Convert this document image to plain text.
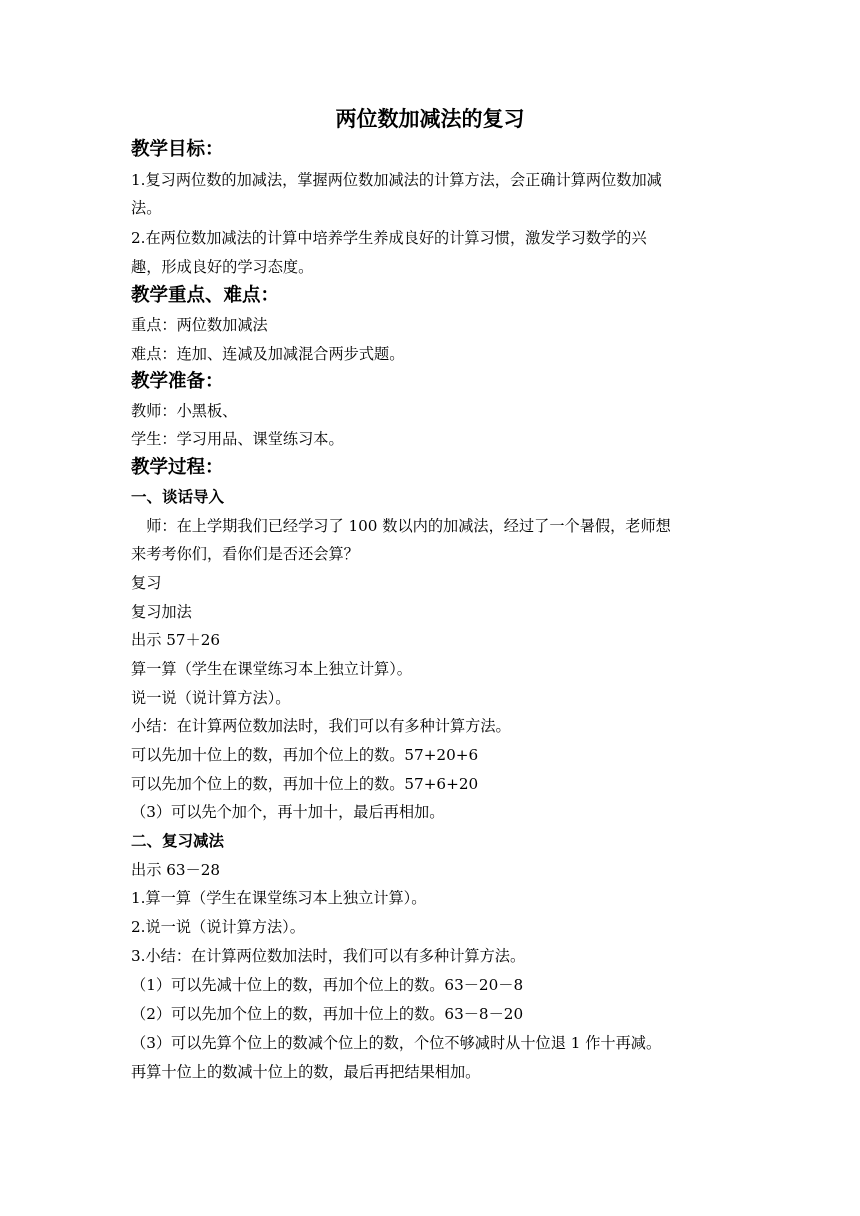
两位数加减法的复习
教学目标：
1.复习两位数的加减法，掌握两位数加减法的计算方法，会正确计算两位数加减
法。
2.在两位数加减法的计算中培养学生养成良好的计算习惯，激发学习数学的兴
趣，形成良好的学习态度。
教学重点、难点：
重点：两位数加减法
难点：连加、连减及加减混合两步式题。
教学准备：
教师：小黑板、
学生：学习用品、课堂练习本。
教学过程：
一、谈话导入
　师：在上学期我们已经学习了 100 数以内的加减法，经过了一个暑假，老师想
来考考你们，看你们是否还会算？
复习
复习加法
出示 57＋26
算一算（学生在课堂练习本上独立计算）。
说一说（说计算方法）。
小结：在计算两位数加法时，我们可以有多种计算方法。
可以先加十位上的数，再加个位上的数。57+20+6
可以先加个位上的数，再加十位上的数。57+6+20
（3）可以先个加个，再十加十，最后再相加。
二、复习减法
出示 63－28
1.算一算（学生在课堂练习本上独立计算）。
2.说一说（说计算方法）。
3.小结：在计算两位数加法时，我们可以有多种计算方法。
（1）可以先减十位上的数，再加个位上的数。63－20－8
（2）可以先加个位上的数，再加十位上的数。63－8－20
（3）可以先算个位上的数减个位上的数，个位不够减时从十位退 1 作十再减。
再算十位上的数减十位上的数，最后再把结果相加。
